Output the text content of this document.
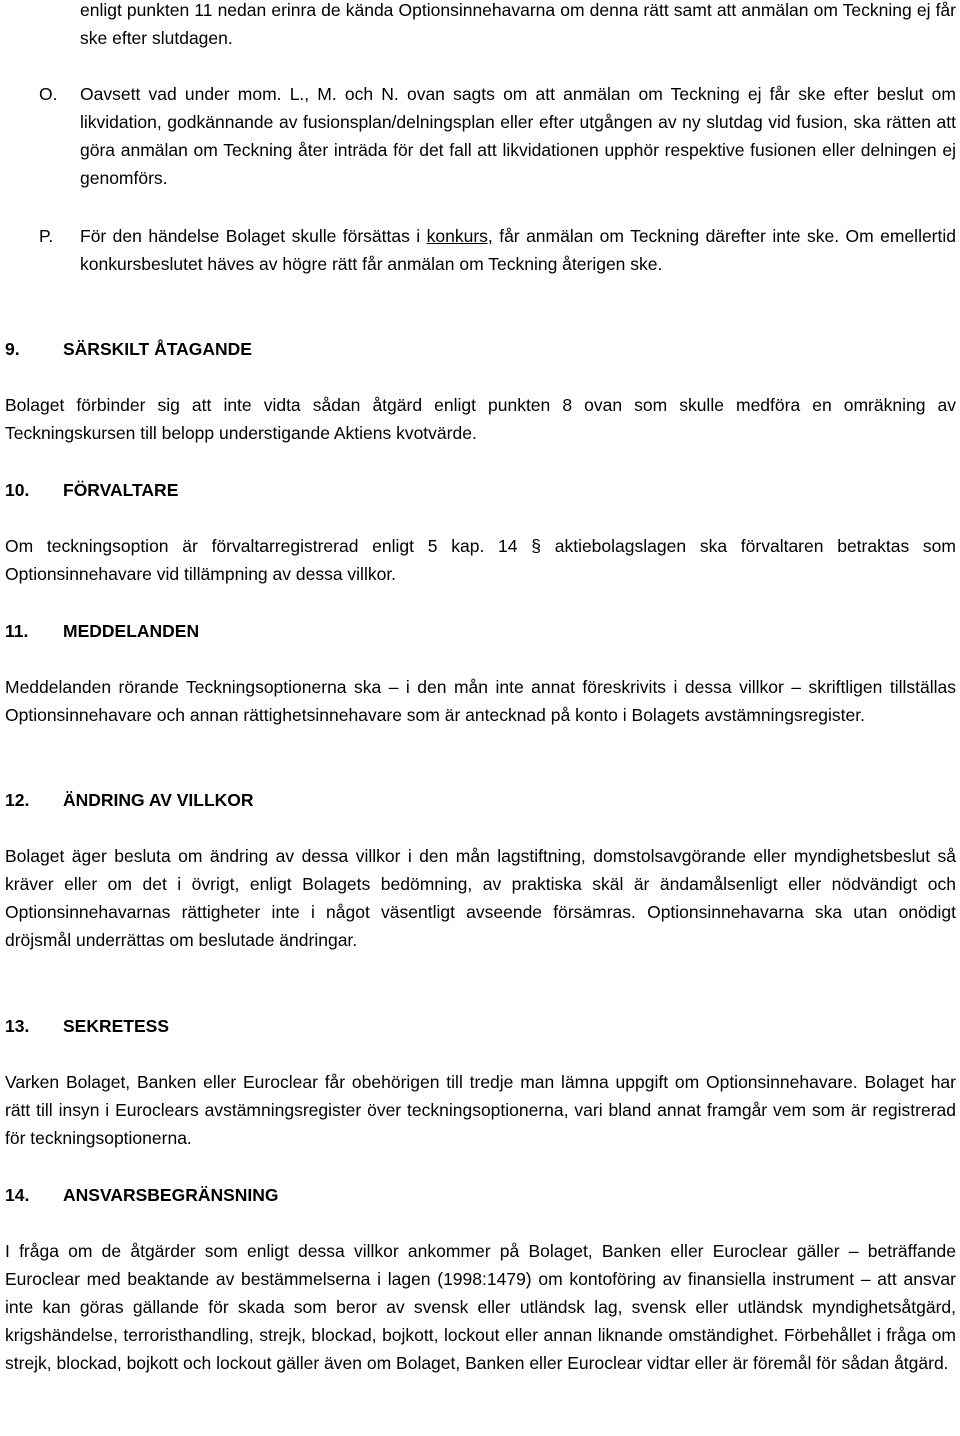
enligt punkten 11 nedan erinra de kända Optionsinnehavarna om denna rätt samt att anmälan om Teckning ej får ske efter slutdagen.

O. Oavsett vad under mom. L., M. och N. ovan sagts om att anmälan om Teckning ej får ske efter beslut om likvidation, godkännande av fusionsplan/delningsplan eller efter utgången av ny slutdag vid fusion, ska rätten att göra anmälan om Teckning åter inträda för det fall att likvidationen upphör respektive fusionen eller delningen ej genomförs.

P. För den händelse Bolaget skulle försättas i konkurs, får anmälan om Teckning därefter inte ske. Om emellertid konkursbeslutet häves av högre rätt får anmälan om Teckning återigen ske.

9. SÄRSKILT ÅTAGANDE

Bolaget förbinder sig att inte vidta sådan åtgärd enligt punkten 8 ovan som skulle medföra en omräkning av Teckningskursen till belopp understigande Aktiens kvotvärde.

10. FÖRVALTARE

Om teckningsoption är förvaltarregistrerad enligt 5 kap. 14 § aktiebolagslagen ska förvaltaren betraktas som Optionsinnehavare vid tillämpning av dessa villkor.

11. MEDDELANDEN

Meddelanden rörande Teckningsoptionerna ska – i den mån inte annat föreskrivits i dessa villkor – skriftligen tillställas Optionsinnehavare och annan rättighetsinnehavare som är antecknad på konto i Bolagets avstämningsregister.

12. ÄNDRING AV VILLKOR

Bolaget äger besluta om ändring av dessa villkor i den mån lagstiftning, domstolsavgörande eller myndighetsbeslut så kräver eller om det i övrigt, enligt Bolagets bedömning, av praktiska skäl är ändamålsenligt eller nödvändigt och Optionsinnehavarnas rättigheter inte i något väsentligt avseende försämras. Optionsinnehavarna ska utan onödigt dröjsmål underrättas om beslutade ändringar.

13. SEKRETESS

Varken Bolaget, Banken eller Euroclear får obehörigen till tredje man lämna uppgift om Optionsinnehavare. Bolaget har rätt till insyn i Euroclears avstämningsregister över teckningsoptionerna, vari bland annat framgår vem som är registrerad för teckningsoptionerna.

14. ANSVARSBEGRÄNSNING

I fråga om de åtgärder som enligt dessa villkor ankommer på Bolaget, Banken eller Euroclear gäller – beträffande Euroclear med beaktande av bestämmelserna i lagen (1998:1479) om kontoföring av finansiella instrument – att ansvar inte kan göras gällande för skada som beror av svensk eller utländsk lag, svensk eller utländsk myndighetsåtgärd, krigshändelse, terroristhandling, strejk, blockad, bojkott, lockout eller annan liknande omständighet. Förbehållet i fråga om strejk, blockad, bojkott och lockout gäller även om Bolaget, Banken eller Euroclear vidtar eller är föremål för sådan åtgärd.
